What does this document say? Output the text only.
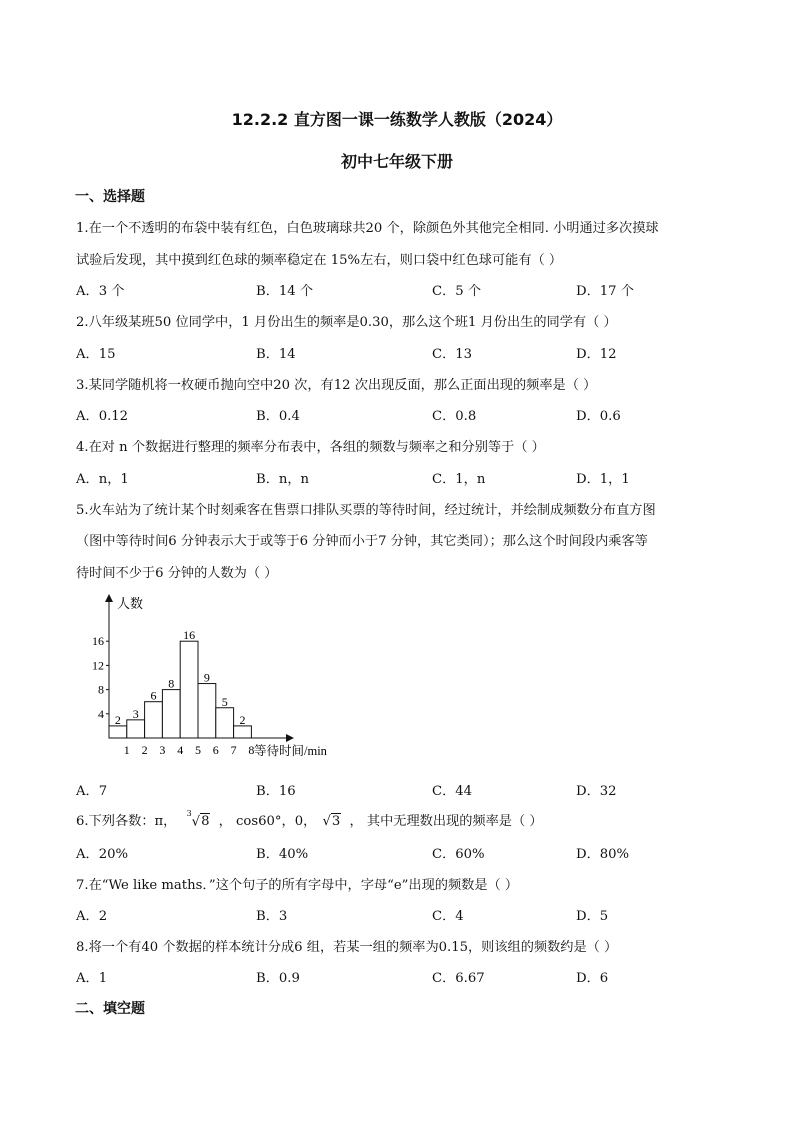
12.2.2 直方图一课一练数学人教版（2024）
初中七年级下册
一、选择题
1.在一个不透明的布袋中装有红色，白色玻璃球共20 个，除颜色外其他完全相同. 小明通过多次摸球
试验后发现，其中摸到红色球的频率稳定在 15%左右，则口袋中红色球可能有（ ）
A．3 个	B．14 个	C．5 个	D．17 个
2.八年级某班50 位同学中，1 月份出生的频率是0.30，那么这个班1 月份出生的同学有（ ）
A．15	B．14	C．13	D．12
3.某同学随机将一枚硬币抛向空中20 次，有12 次出现反面，那么正面出现的频率是（ ）
A．0.12	B．0.4	C．0.8	D．0.6
4.在对 n 个数据进行整理的频率分布表中，各组的频数与频率之和分别等于（ ）
A．n，1	B．n，n	C．1，n	D．1，1
5.火车站为了统计某个时刻乘客在售票口排队买票的等待时间，经过统计，并绘制成频数分布直方图
（图中等待时间6 分钟表示大于或等于6 分钟而小于7 分钟，其它类同）；那么这个时间段内乘客等
待时间不少于6 分钟的人数为（ ）
2 3
6
8
16
9
5
2
1 2 3 4 5 6 7 8
4
8
12
16
人数
等待时间/min
A．7	B．16	C．44	D．32
6.下列各数：π， $^3$√8 ， cos60°，0， √3 ， 其中无理数出现的频率是（ ）
A．20%	B．40%	C．60%	D．80%
7.在“We like maths．”这个句子的所有字母中，字母“e”出现的频数是（ ）
A．2	B．3	C．4	D．5
8.将一个有40 个数据的样本统计分成6 组，若某一组的频率为0.15，则该组的频数约是（ ）
A．1	B．0.9	C．6.67	D．6
二、填空题
